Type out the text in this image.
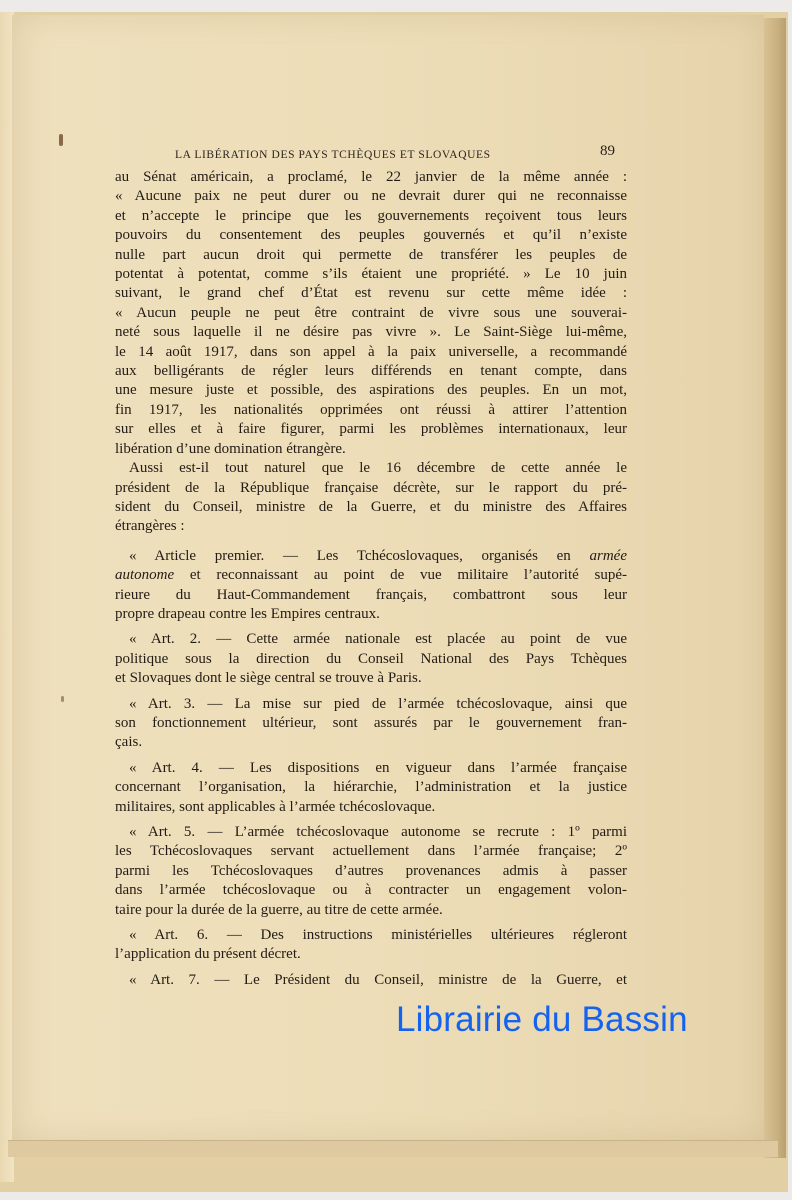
LA LIBÉRATION DES PAYS TCHÈQUES ET SLOVAQUES	89

au Sénat américain, a proclamé, le 22 janvier de la même année :
« Aucune paix ne peut durer ou ne devrait durer qui ne reconnaisse
et n’accepte le principe que les gouvernements reçoivent tous leurs
pouvoirs du consentement des peuples gouvernés et qu’il n’existe
nulle part aucun droit qui permette de transférer les peuples de
potentat à potentat, comme s’ils étaient une propriété. » Le 10 juin
suivant, le grand chef d’État est revenu sur cette même idée :
« Aucun peuple ne peut être contraint de vivre sous une souverai-
neté sous laquelle il ne désire pas vivre ». Le Saint-Siège lui-même,
le 14 août 1917, dans son appel à la paix universelle, a recommandé
aux belligérants de régler leurs différends en tenant compte, dans
une mesure juste et possible, des aspirations des peuples. En un mot,
fin 1917, les nationalités opprimées ont réussi à attirer l’attention
sur elles et à faire figurer, parmi les problèmes internationaux, leur
libération d’une domination étrangère.

Aussi est-il tout naturel que le 16 décembre de cette année le
président de la République française décrète, sur le rapport du pré-
sident du Conseil, ministre de la Guerre, et du ministre des Affaires
étrangères :

« Article premier. — Les Tchécoslovaques, organisés en armée
autonome et reconnaissant au point de vue militaire l’autorité supé-
rieure du Haut-Commandement français, combattront sous leur
propre drapeau contre les Empires centraux.

« Art. 2. — Cette armée nationale est placée au point de vue
politique sous la direction du Conseil National des Pays Tchèques
et Slovaques dont le siège central se trouve à Paris.

« Art. 3. — La mise sur pied de l’armée tchécoslovaque, ainsi que
son fonctionnement ultérieur, sont assurés par le gouvernement fran-
çais.

« Art. 4. — Les dispositions en vigueur dans l’armée française
concernant l’organisation, la hiérarchie, l’administration et la justice
militaires, sont applicables à l’armée tchécoslovaque.

« Art. 5. — L’armée tchécoslovaque autonome se recrute : 1º parmi
les Tchécoslovaques servant actuellement dans l’armée française; 2º
parmi les Tchécoslovaques d’autres provenances admis à passer
dans l’armée tchécoslovaque ou à contracter un engagement volon-
taire pour la durée de la guerre, au titre de cette armée.

« Art. 6. — Des instructions ministérielles ultérieures régleront
l’application du présent décret.

« Art. 7. — Le Président du Conseil, ministre de la Guerre, et

Librairie du Bassin
